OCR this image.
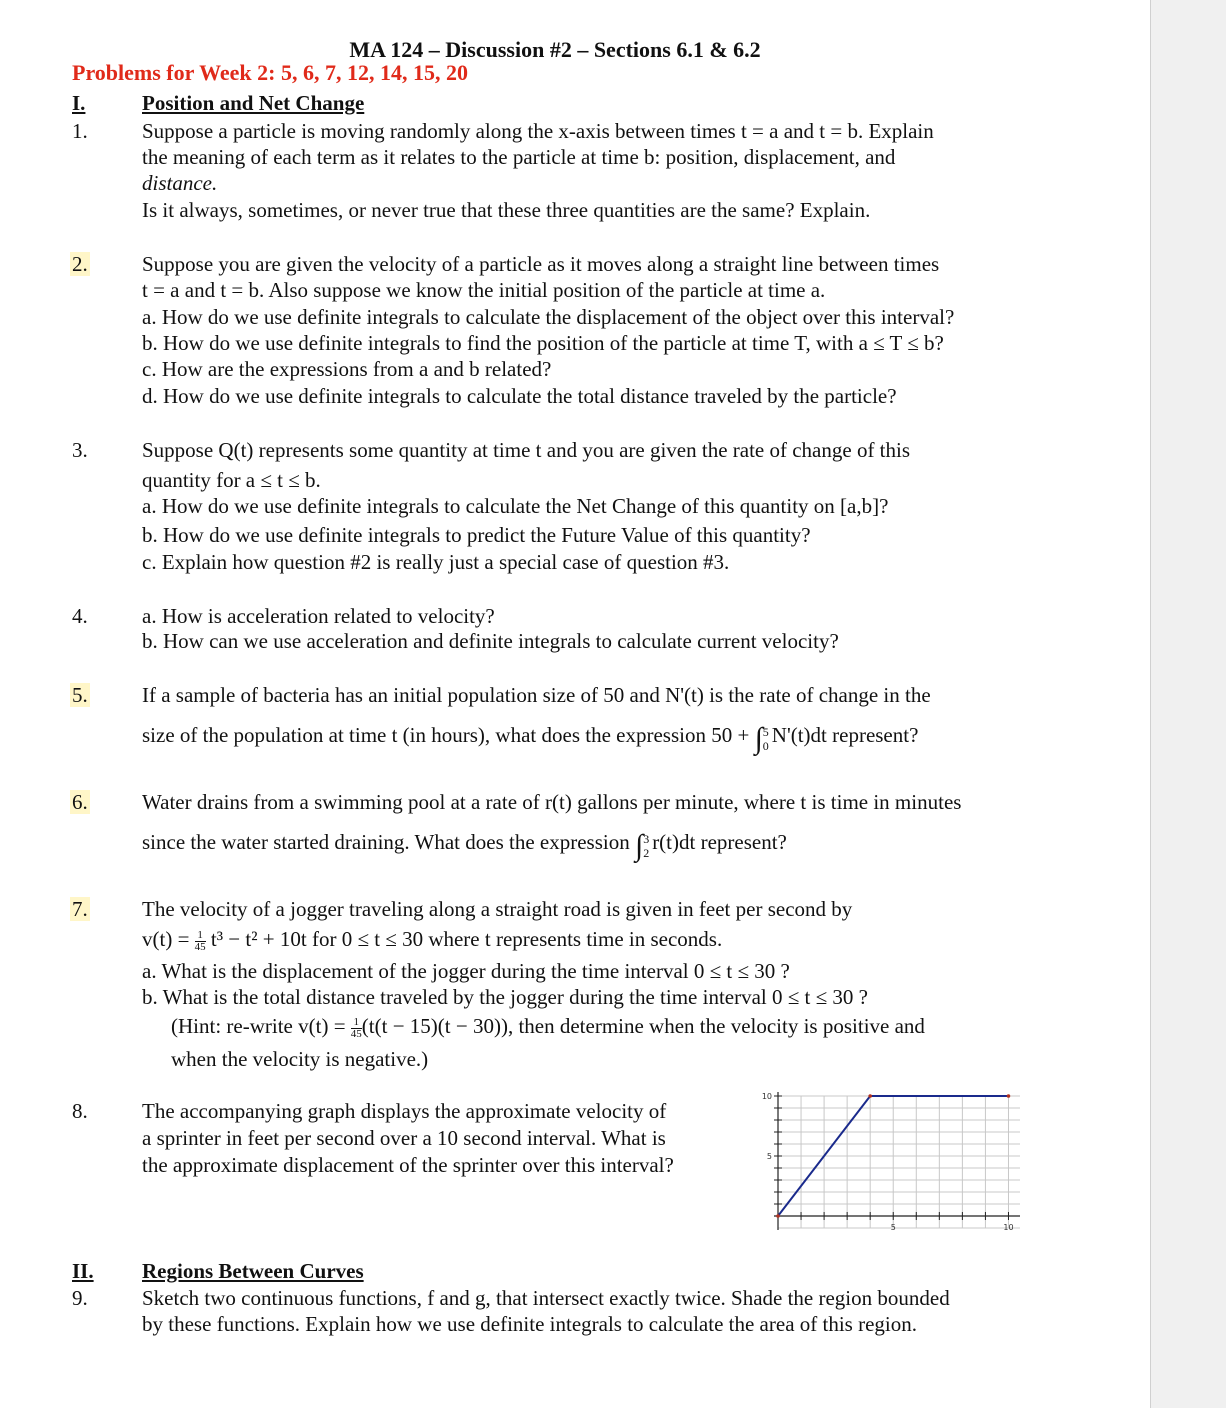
MA 124 – Discussion #2 – Sections 6.1 & 6.2
Problems for Week 2: 5, 6, 7, 12, 14, 15, 20
I.	Position and Net Change
1.	Suppose a particle is moving randomly along the x-axis between times t = a and t = b. Explain
the meaning of each term as it relates to the particle at time b: position, displacement, and
distance.
Is it always, sometimes, or never true that these three quantities are the same? Explain.
2.	Suppose you are given the velocity of a particle as it moves along a straight line between times
t = a and t = b. Also suppose we know the initial position of the particle at time a.
a. How do we use definite integrals to calculate the displacement of the object over this interval?
b. How do we use definite integrals to find the position of the particle at time T, with a ≤ T ≤ b?
c. How are the expressions from a and b related?
d. How do we use definite integrals to calculate the total distance traveled by the particle?
3.	Suppose Q(t) represents some quantity at time t and you are given the rate of change of this
quantity for a ≤ t ≤ b.
a. How do we use definite integrals to calculate the Net Change of this quantity on [a,b]?
b. How do we use definite integrals to predict the Future Value of this quantity?
c. Explain how question #2 is really just a special case of question #3.
4.	a. How is acceleration related to velocity?
b. How can we use acceleration and definite integrals to calculate current velocity?
5.	If a sample of bacteria has an initial population size of 50 and N'(t) is the rate of change in the
size of the population at time t (in hours), what does the expression 50 + ∫ 5
0 N'(t)dt represent?
6.	Water drains from a swimming pool at a rate of r(t) gallons per minute, where t is time in minutes
since the water started draining. What does the expression ∫ 3
2 r(t)dt represent?
7.	The velocity of a jogger traveling along a straight road is given in feet per second by
$v(t) = \frac{1}{45} t^3 - t^2 + 10t$ for 0 ≤ t ≤ 30 where t represents time in seconds.
a. What is the displacement of the jogger during the time interval 0 ≤ t ≤ 30 ?
b. What is the total distance traveled by the jogger during the time interval 0 ≤ t ≤ 30 ?
(Hint: re-write $v(t) = \frac{1}{45} (t(t - 15)(t - 30))$, then determine when the velocity is positive and
when the velocity is negative.)
8.	The accompanying graph displays the approximate velocity of
a sprinter in feet per second over a 10 second interval. What is
the approximate displacement of the sprinter over this interval?
5	10
10
5
II. Regions Between Curves
9.	Sketch two continuous functions, f and g, that intersect exactly twice. Shade the region bounded
by these functions. Explain how we use definite integrals to calculate the area of this region.
